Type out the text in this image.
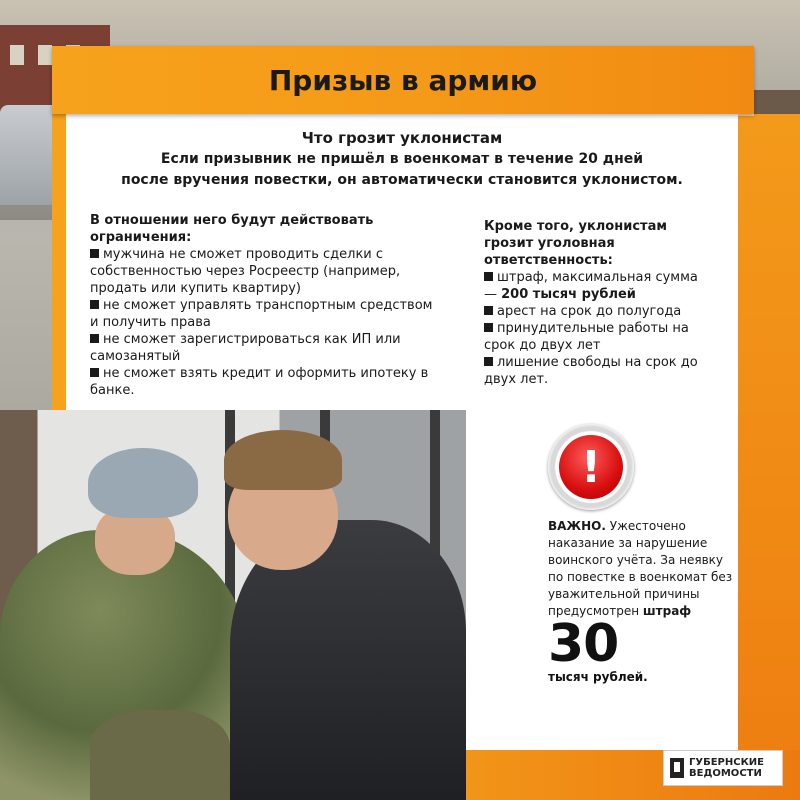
Призыв в армию
Что грозит уклонистам
Если призывник не пришёл в военкомат в течение 20 дней
после вручения повестки, он автоматически становится уклонистом.
В отношении него будут действовать ограничения:

мужчина не сможет проводить сделки с собственностью через Росреестр (например, продать или купить квартиру)

не сможет управлять транспортным средством и получить права

не сможет зарегистрироваться как ИП или самозанятый

не сможет взять кредит и оформить ипотеку в банке.

Кроме того, уклонистам грозит уголовная ответственность:

штраф, максимальная сумма — 200 тысяч рублей

арест на срок до полугода

принудительные работы на срок до двух лет

лишение свободы на срок до двух лет.

!
ВАЖНО. Ужесточено наказание за нарушение воинского учёта. За неявку по повестке в военкомат без уважительной причины предусмотрен штраф
30
тысяч рублей.
ГУБЕРНСКИЕ
ВЕДОМОСТИ
